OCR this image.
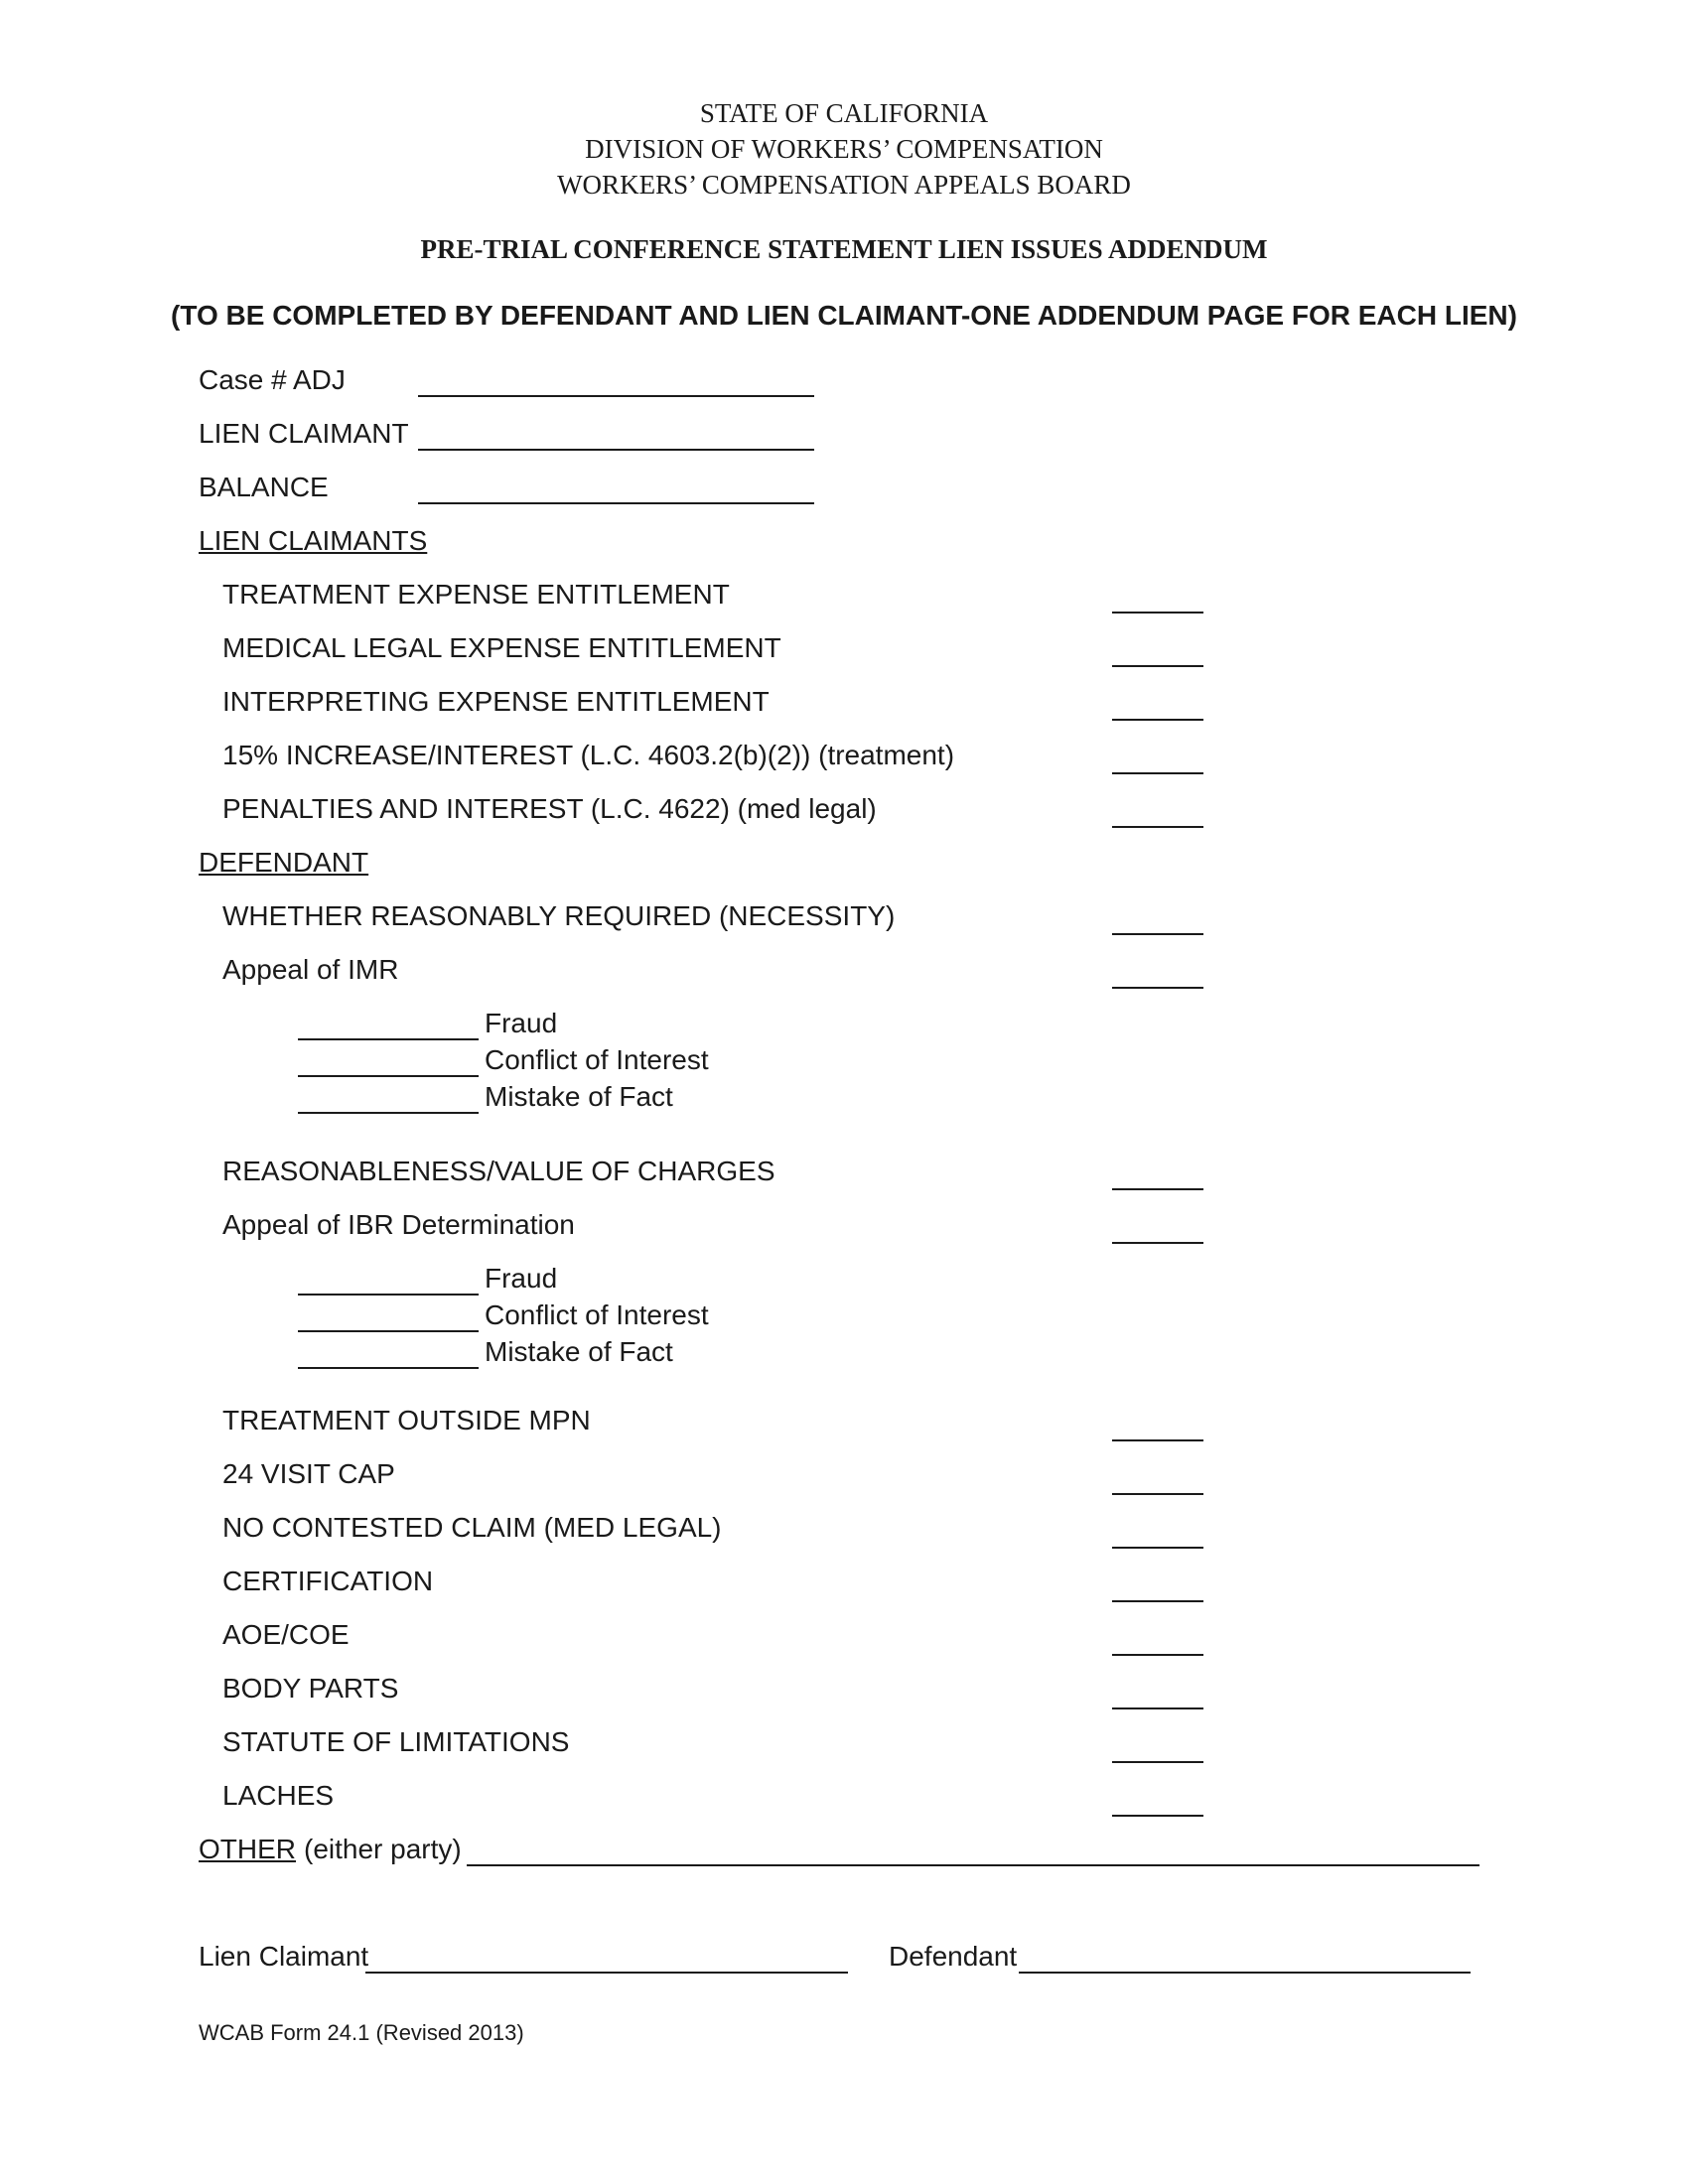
STATE OF CALIFORNIA
DIVISION OF WORKERS’ COMPENSATION
WORKERS’ COMPENSATION APPEALS BOARD
PRE-TRIAL CONFERENCE STATEMENT LIEN ISSUES ADDENDUM
(TO BE COMPLETED BY DEFENDANT AND LIEN CLAIMANT-ONE ADDENDUM PAGE FOR EACH LIEN)
Case # ADJ
LIEN CLAIMANT
BALANCE
LIEN CLAIMANTS
TREATMENT EXPENSE ENTITLEMENT
MEDICAL LEGAL EXPENSE ENTITLEMENT
INTERPRETING EXPENSE ENTITLEMENT
15% INCREASE/INTEREST (L.C. 4603.2(b)(2)) (treatment)
PENALTIES AND INTEREST (L.C. 4622) (med legal)
DEFENDANT
WHETHER REASONABLY REQUIRED (NECESSITY)
Appeal of IMR
Fraud
Conflict of Interest
Mistake of Fact
REASONABLENESS/VALUE OF CHARGES
Appeal of IBR Determination
Fraud
Conflict of Interest
Mistake of Fact
TREATMENT OUTSIDE MPN
24 VISIT CAP
NO CONTESTED CLAIM (MED LEGAL)
CERTIFICATION
AOE/COE
BODY PARTS
STATUTE OF LIMITATIONS
LACHES
OTHER (either party)
Lien Claimant	Defendant
WCAB Form 24.1 (Revised 2013)
